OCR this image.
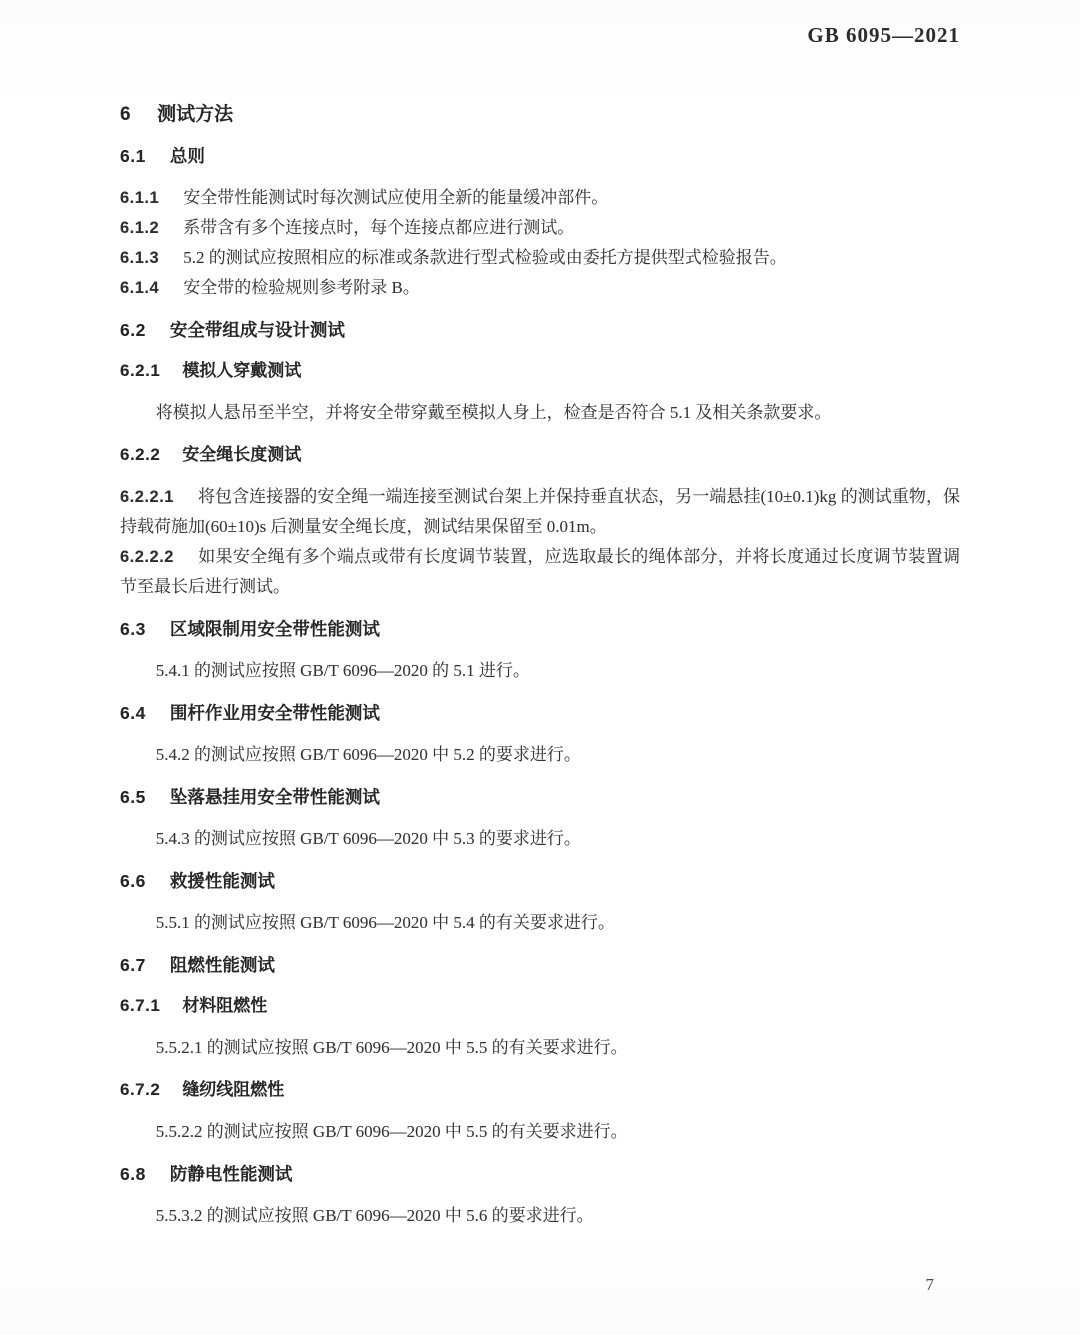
GB 6095—2021
6 测试方法
6.1 总则
6.1.1 安全带性能测试时每次测试应使用全新的能量缓冲部件。
6.1.2 系带含有多个连接点时，每个连接点都应进行测试。
6.1.3 5.2 的测试应按照相应的标准或条款进行型式检验或由委托方提供型式检验报告。
6.1.4 安全带的检验规则参考附录 B。
6.2 安全带组成与设计测试
6.2.1 模拟人穿戴测试
将模拟人悬吊至半空，并将安全带穿戴至模拟人身上，检查是否符合 5.1 及相关条款要求。
6.2.2 安全绳长度测试
6.2.2.1 将包含连接器的安全绳一端连接至测试台架上并保持垂直状态，另一端悬挂(10±0.1)kg 的测试重物，保持载荷施加(60±10)s 后测量安全绳长度，测试结果保留至 0.01m。
6.2.2.2 如果安全绳有多个端点或带有长度调节装置，应选取最长的绳体部分，并将长度通过长度调节装置调节至最长后进行测试。
6.3 区域限制用安全带性能测试
5.4.1 的测试应按照 GB/T 6096—2020 的 5.1 进行。
6.4 围杆作业用安全带性能测试
5.4.2 的测试应按照 GB/T 6096—2020 中 5.2 的要求进行。
6.5 坠落悬挂用安全带性能测试
5.4.3 的测试应按照 GB/T 6096—2020 中 5.3 的要求进行。
6.6 救援性能测试
5.5.1 的测试应按照 GB/T 6096—2020 中 5.4 的有关要求进行。
6.7 阻燃性能测试
6.7.1 材料阻燃性
5.5.2.1 的测试应按照 GB/T 6096—2020 中 5.5 的有关要求进行。
6.7.2 缝纫线阻燃性
5.5.2.2 的测试应按照 GB/T 6096—2020 中 5.5 的有关要求进行。
6.8 防静电性能测试
5.5.3.2 的测试应按照 GB/T 6096—2020 中 5.6 的要求进行。
7
